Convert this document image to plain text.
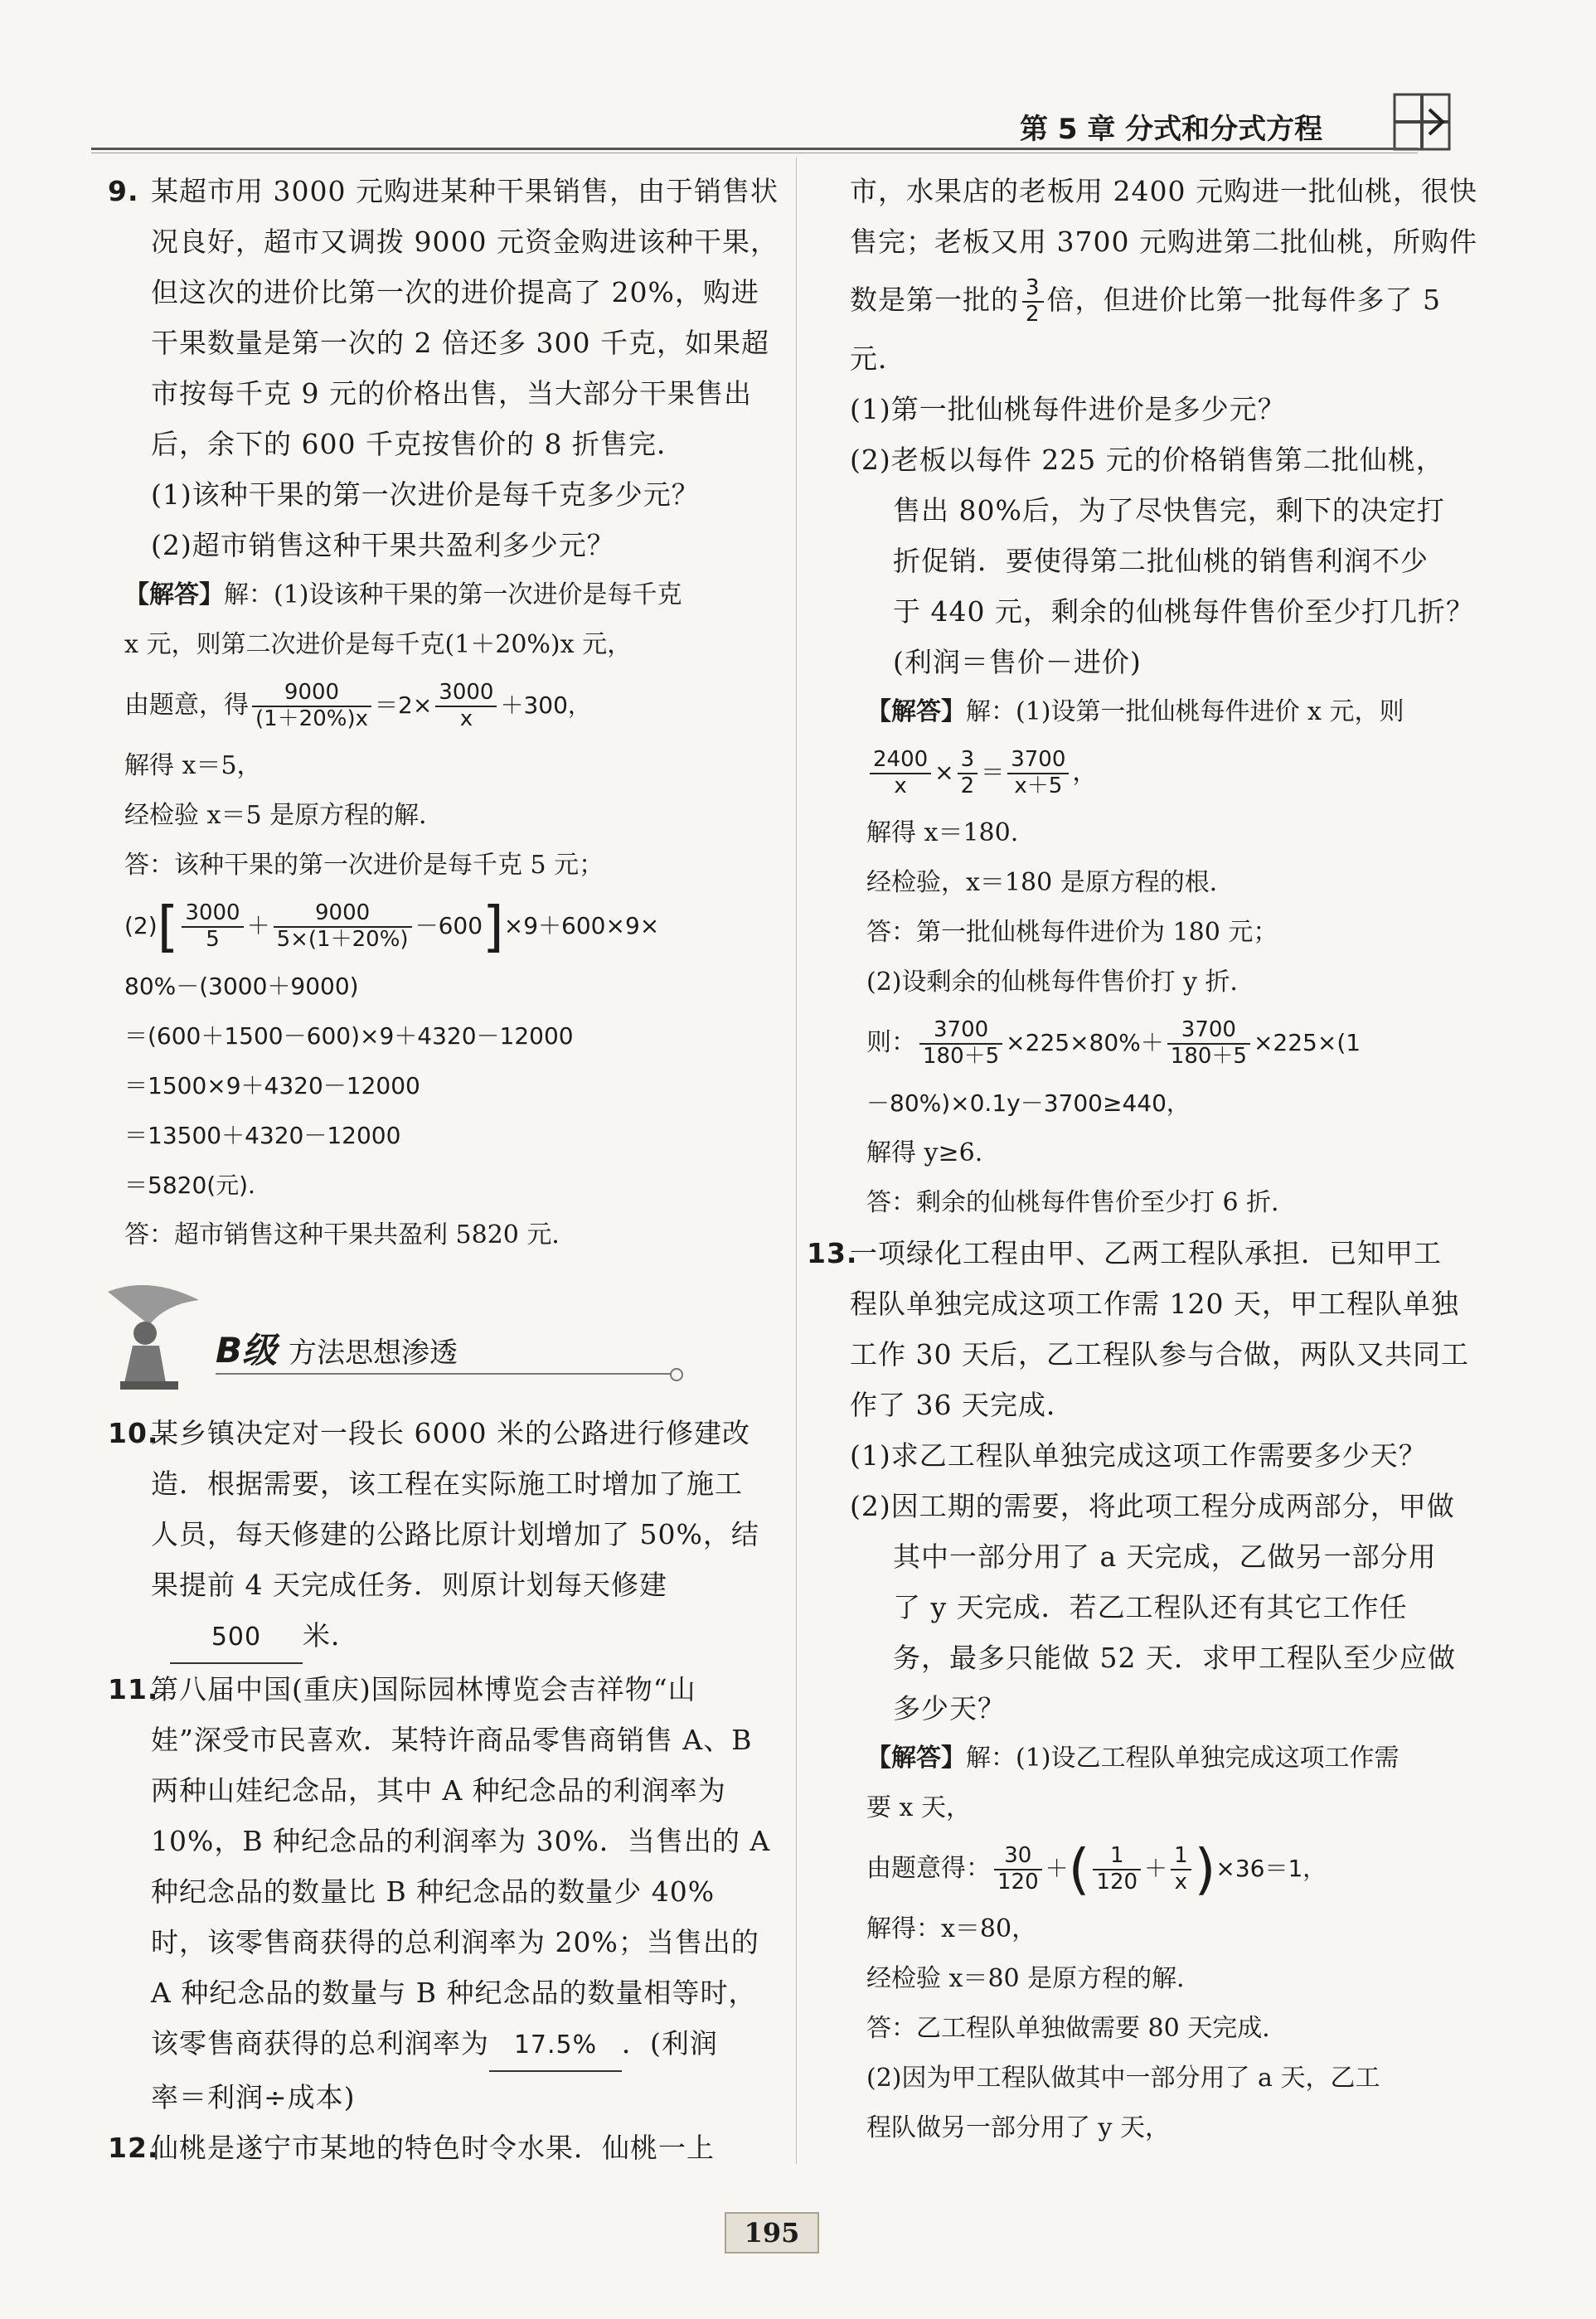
第 5 章 分式和分式方程

9. 某超市用 3000 元购进某种干果销售，由于销售状

况良好，超市又调拨 9000 元资金购进该种干果，

但这次的进价比第一次的进价提高了 20%，购进

干果数量是第一次的 2 倍还多 300 千克，如果超

市按每千克 9 元的价格出售，当大部分干果售出

后，余下的 600 千克按售价的 8 折售完．

(1)该种干果的第一次进价是每千克多少元？

(2)超市销售这种干果共盈利多少元？

【解答】解：(1)设该种干果的第一次进价是每千克

x 元，则第二次进价是每千克(1＋20%)x 元，

由题意，得 $\frac{9000}{(1+20\%)x} =2\times \frac{3000}{x} +300$，

解得 x＝5，

经检验 x＝5 是原方程的解．

答：该种干果的第一次进价是每千克 5 元；

$(2)[ \frac{3000}{5} + \frac{9000}{5\times(1+20\%)} -600]\times 9+600\times 9\times$

80%－(3000＋9000)

＝(600＋1500－600)×9＋4320－12000

＝1500×9＋4320－12000

＝13500＋4320－12000

＝5820(元)．

答：超市销售这种干果共盈利 5820 元．

B级 方法思想渗透

10.某乡镇决定对一段长 6000 米的公路进行修建改

造．根据需要，该工程在实际施工时增加了施工

人员，每天修建的公路比原计划增加了 50%，结

果提前 4 天完成任务．则原计划每天修建

500 米．

11.第八届中国(重庆)国际园林博览会吉祥物“山

娃”深受市民喜欢．某特许商品零售商销售 A、B

两种山娃纪念品，其中 A 种纪念品的利润率为

10%，B 种纪念品的利润率为 30%．当售出的 A

种纪念品的数量比 B 种纪念品的数量少 40%

时，该零售商获得的总利润率为 20%；当售出的

A 种纪念品的数量与 B 种纪念品的数量相等时，

该零售商获得的总利润率为 17.5% ．(利润

率＝利润÷成本)

12.仙桃是遂宁市某地的特色时令水果．仙桃一上

市，水果店的老板用 2400 元购进一批仙桃，很快

售完；老板又用 3700 元购进第二批仙桃，所购件

数是第一批的 $\frac{3}{2}$ 倍，但进价比第一批每件多了 5

元．

(1)第一批仙桃每件进价是多少元？

(2)老板以每件 225 元的价格销售第二批仙桃，

售出 80%后，为了尽快售完，剩下的决定打

折促销．要使得第二批仙桃的销售利润不少

于 440 元，剩余的仙桃每件售价至少打几折？

(利润＝售价－进价)

【解答】解：(1)设第一批仙桃每件进价 x 元，则

$\frac{2400}{x} \times \frac{3}{2} = \frac{3700}{x+5}$ ，

解得 x＝180.

经检验，x＝180 是原方程的根．

答：第一批仙桃每件进价为 180 元；

(2)设剩余的仙桃每件售价打 y 折．

则： $\frac{3700}{180+5} \times 225\times 80\%+ \frac{3700}{180+5} \times 225\times(1$

－80%)×0.1y－3700≥440，

解得 y≥6.

答：剩余的仙桃每件售价至少打 6 折．

13.一项绿化工程由甲、乙两工程队承担．已知甲工

程队单独完成这项工作需 120 天，甲工程队单独

工作 30 天后，乙工程队参与合做，两队又共同工

作了 36 天完成．

(1)求乙工程队单独完成这项工作需要多少天？

(2)因工期的需要，将此项工程分成两部分，甲做

其中一部分用了 a 天完成，乙做另一部分用

了 y 天完成．若乙工程队还有其它工作任

务，最多只能做 52 天．求甲工程队至少应做

多少天？

【解答】解：(1)设乙工程队单独完成这项工作需

要 x 天，

由题意得： $\frac{30}{120}$ ＋( $\frac{1}{120} + \frac{1}{x} )\times 36=1$，

解得：x＝80，

经检验 x＝80 是原方程的解．

答：乙工程队单独做需要 80 天完成．

(2)因为甲工程队做其中一部分用了 a 天，乙工

程队做另一部分用了 y 天，

195
